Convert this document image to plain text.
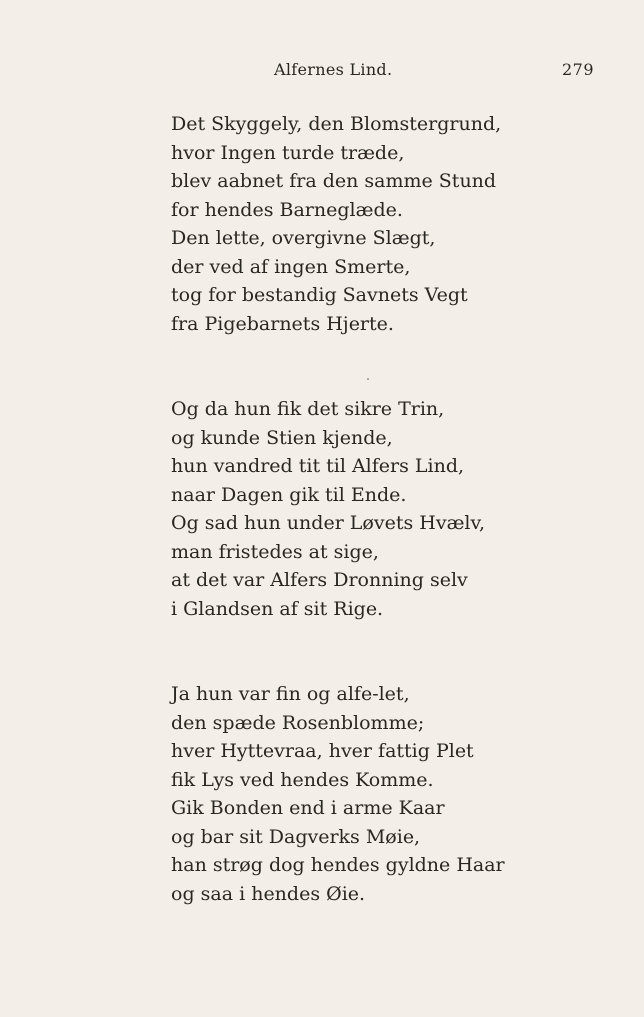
Alfernes Lind.	279
Det Skyggely, den Blomstergrund,
hvor Ingen turde træde,
blev aabnet fra den samme Stund
for hendes Barneglæde.
Den lette, overgivne Slægt,
der ved af ingen Smerte,
tog for bestandig Savnets Vegt
fra Pigebarnets Hjerte.
Og da hun fik det sikre Trin,
og kunde Stien kjende,
hun vandred tit til Alfers Lind,
naar Dagen gik til Ende.
Og sad hun under Løvets Hvælv,
man fristedes at sige,
at det var Alfers Dronning selv
i Glandsen af sit Rige.
Ja hun var fin og alfe-let,
den spæde Rosenblomme;
hver Hyttevraa, hver fattig Plet
fik Lys ved hendes Komme.
Gik Bonden end i arme Kaar
og bar sit Dagverks Møie,
han strøg dog hendes gyldne Haar
og saa i hendes Øie.
